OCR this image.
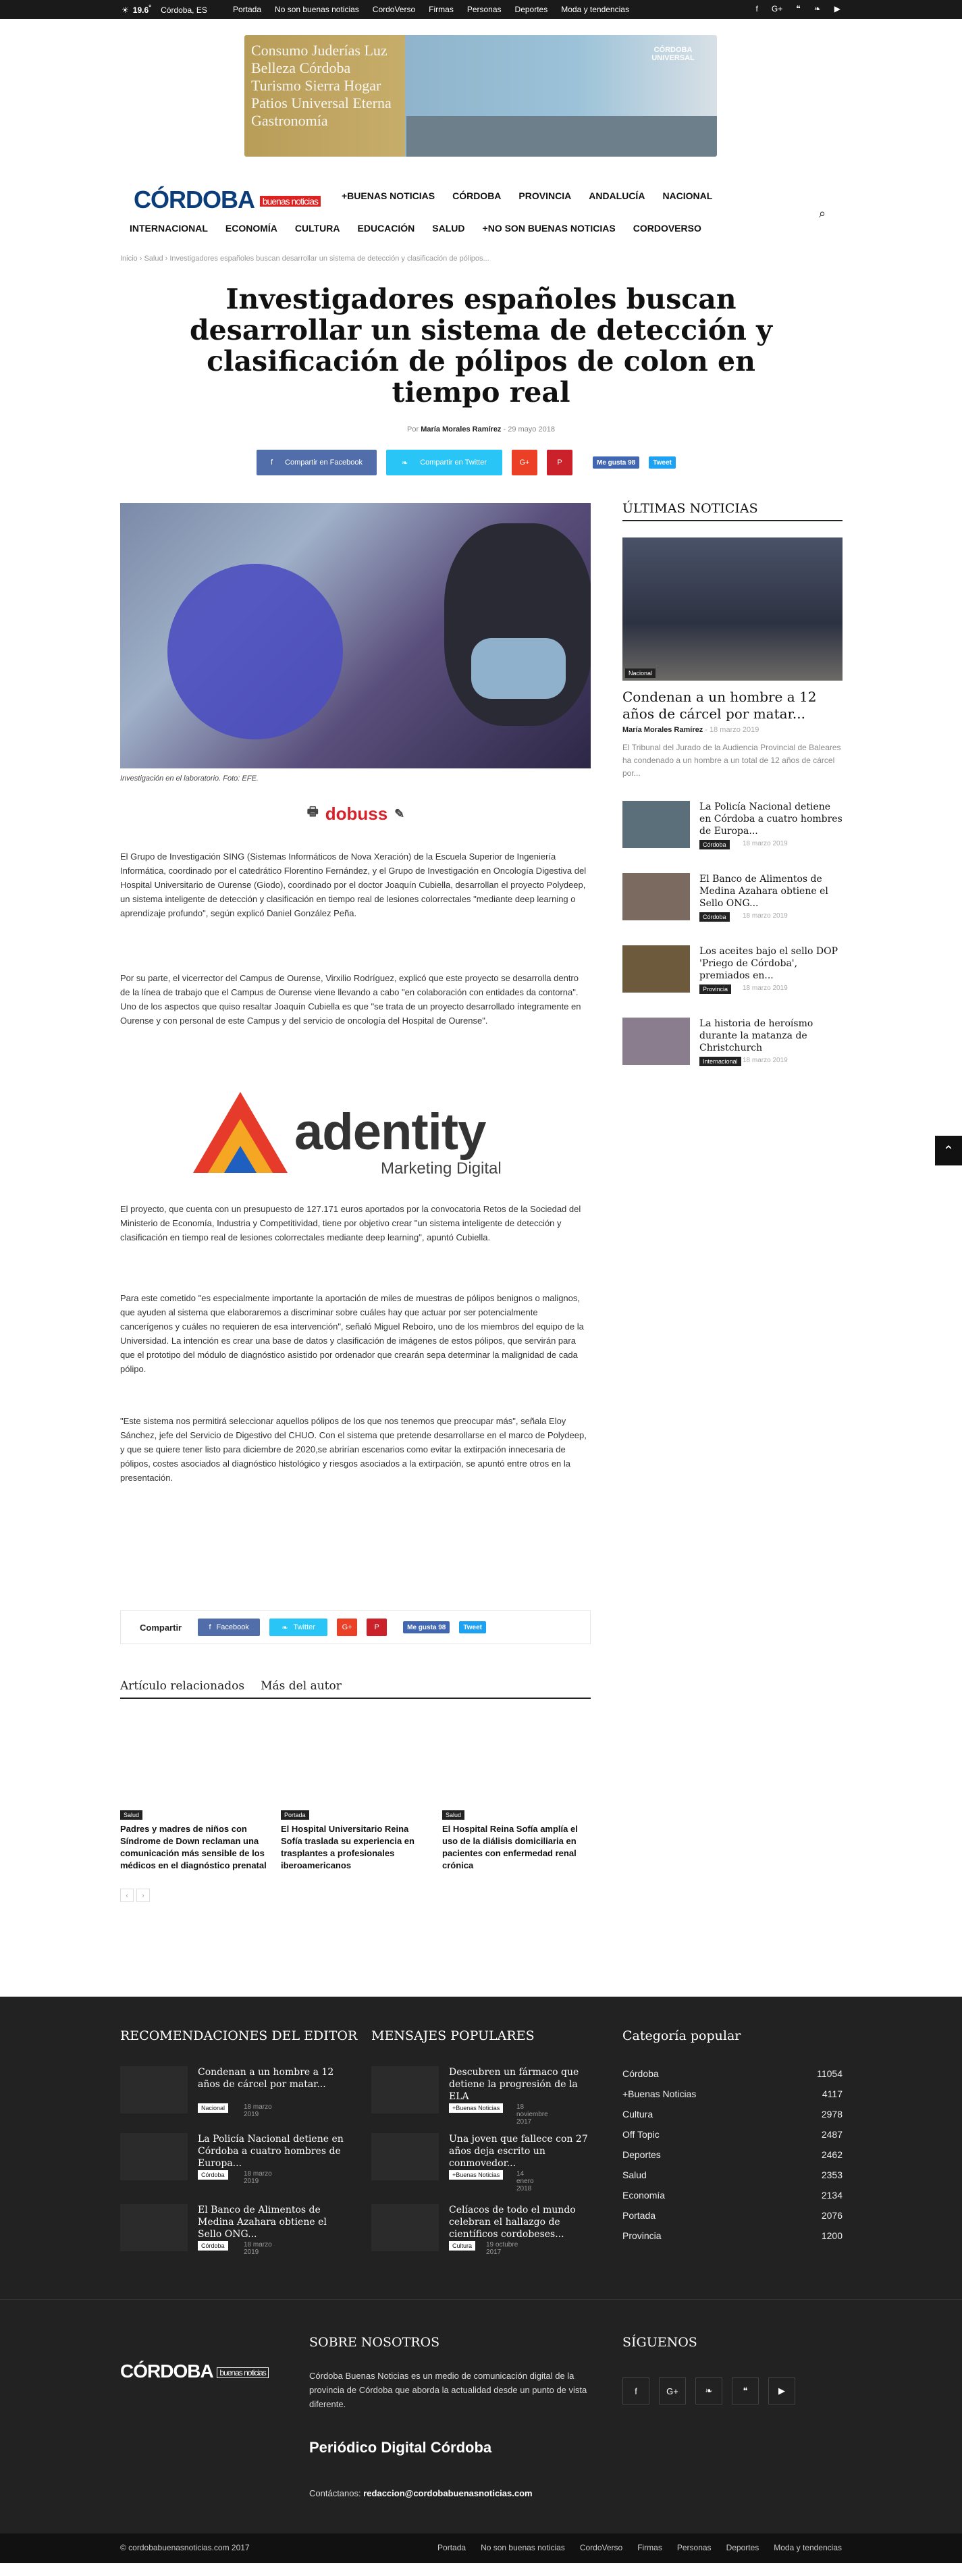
☀ 19.6° Córdoba, ES	Portada No son buenas noticias CordoVerso Firmas Personas Deportes Moda y tendencias	f G+ ❝ ❧ ▶
Consumo Juderías Luz Belleza Córdoba Turismo Sierra Hogar Patios Universal Eterna Gastronomía
CÓRDOBA UNIVERSAL
CÓRDOBA buenas noticias
+BUENAS NOTICIAS CÓRDOBA PROVINCIA ANDALUCÍA NACIONAL
INTERNACIONAL ECONOMÍA CULTURA EDUCACIÓN SALUD +NO SON BUENAS NOTICIAS CORDOVERSO
⌕
Inicio › Salud › Investigadores españoles buscan desarrollar un sistema de detección y clasificación de pólipos...
Investigadores españoles buscan desarrollar un sistema de detección y clasificación de pólipos de colon en tiempo real
Por María Morales Ramírez - 29 mayo 2018
f Compartir en Facebook	❧ Compartir en Twitter	G+	P	Me gusta 98	Tweet
Investigación en el laboratorio. Foto: EFE.
🖶 dobuss ✎

El Grupo de Investigación SING (Sistemas Informáticos de Nova Xeración) de la Escuela Superior de Ingeniería Informática, coordinado por el catedrático Florentino Fernández, y el Grupo de Investigación en Oncología Digestiva del Hospital Universitario de Ourense (Giodo), coordinado por el doctor Joaquín Cubiella, desarrollan el proyecto Polydeep, un sistema inteligente de detección y clasificación en tiempo real de lesiones colorrectales "mediante deep learning o aprendizaje profundo", según explicó Daniel González Peña.

Por su parte, el vicerrector del Campus de Ourense, Virxilio Rodríguez, explicó que este proyecto se desarrolla dentro de la línea de trabajo que el Campus de Ourense viene llevando a cabo "en colaboración con entidades da contorna". Uno de los aspectos que quiso resaltar Joaquín Cubiella es que "se trata de un proyecto desarrollado íntegramente en Ourense y con personal de este Campus y del servicio de oncología del Hospital de Ourense".

adentity
Marketing Digital

El proyecto, que cuenta con un presupuesto de 127.171 euros aportados por la convocatoria Retos de la Sociedad del Ministerio de Economía, Industria y Competitividad, tiene por objetivo crear "un sistema inteligente de detección y clasificación en tiempo real de lesiones colorrectales mediante deep learning", apuntó Cubiella.

Para este cometido "es especialmente importante la aportación de miles de muestras de pólipos benignos o malignos, que ayuden al sistema que elaboraremos a discriminar sobre cuáles hay que actuar por ser potencialmente cancerígenos y cuáles no requieren de esa intervención", señaló Miguel Reboiro, uno de los miembros del equipo de la Universidad. La intención es crear una base de datos y clasificación de imágenes de estos pólipos, que servirán para que el prototipo del módulo de diagnóstico asistido por ordenador que crearán sepa determinar la malignidad de cada pólipo.

"Este sistema nos permitirá seleccionar aquellos pólipos de los que nos tenemos que preocupar más", señala Eloy Sánchez, jefe del Servicio de Digestivo del CHUO. Con el sistema que pretende desarrollarse en el marco de Polydeep, y que se quiere tener listo para diciembre de 2020,se abrirían escenarios como evitar la extirpación innecesaria de pólipos, costes asociados al diagnóstico histológico y riesgos asociados a la extirpación, se apuntó entre otros en la presentación.

Compartir	f Facebook	❧ Twitter	G+	P	Me gusta 98	Tweet
Artículo relacionados Más del autor
Salud
Padres y madres de niños con Síndrome de Down reclaman una comunicación más sensible de los médicos en el diagnóstico prenatal
Portada
El Hospital Universitario Reina Sofía traslada su experiencia en trasplantes a profesionales iberoamericanos
Salud
El Hospital Reina Sofía amplía el uso de la diálisis domiciliaria en pacientes con enfermedad renal crónica
‹	›
ÚLTIMAS NOTICIAS
Nacional
Condenan a un hombre a 12 años de cárcel por matar...
María Morales Ramírez - 18 marzo 2019
El Tribunal del Jurado de la Audiencia Provincial de Baleares ha condenado a un hombre a un total de 12 años de cárcel por...
La Policía Nacional detiene en Córdoba a cuatro hombres de Europa...
Córdoba	18 marzo 2019
El Banco de Alimentos de Medina Azahara obtiene el Sello ONG...
Córdoba	18 marzo 2019
Los aceites bajo el sello DOP 'Priego de Córdoba', premiados en...
Provincia	18 marzo 2019
La historia de heroísmo durante la matanza de Christchurch
Internacional 18 marzo 2019
⌃
RECOMENDACIONES DEL EDITOR MENSAJES POPULARES	Categoría popular
Condenan a un hombre a 12 años de cárcel por matar...
Nacional	18 marzo 2019
La Policía Nacional detiene en Córdoba a cuatro hombres de Europa...
Córdoba	18 marzo 2019
El Banco de Alimentos de Medina Azahara obtiene el Sello ONG...
Córdoba	18 marzo 2019
Descubren un fármaco que detiene la progresión de la ELA
+Buenas Noticias	18 noviembre 2017
Una joven que fallece con 27 años deja escrito un conmovedor...
+Buenas Noticias	14 enero 2018
Celíacos de todo el mundo celebran el hallazgo de científicos cordobeses...
Cultura	19 octubre 2017
Córdoba	11054
+Buenas Noticias	4117
Cultura	2978
Off Topic	2487
Deportes	2462
Salud	2353
Economía	2134
Portada	2076
Provincia	1200
CÓRDOBA buenas noticias
SOBRE NOSOTROS
Córdoba Buenas Noticias es un medio de comunicación digital de la provincia de Córdoba que aborda la actualidad desde un punto de vista diferente.
Periódico Digital Córdoba
Contáctanos: redaccion@cordobabuenasnoticias.com
SÍGUENOS
f	G+	❧	❝	▶
© cordobabuenasnoticias.com 2017	Portada No son buenas noticias CordoVerso Firmas Personas Deportes Moda y tendencias
